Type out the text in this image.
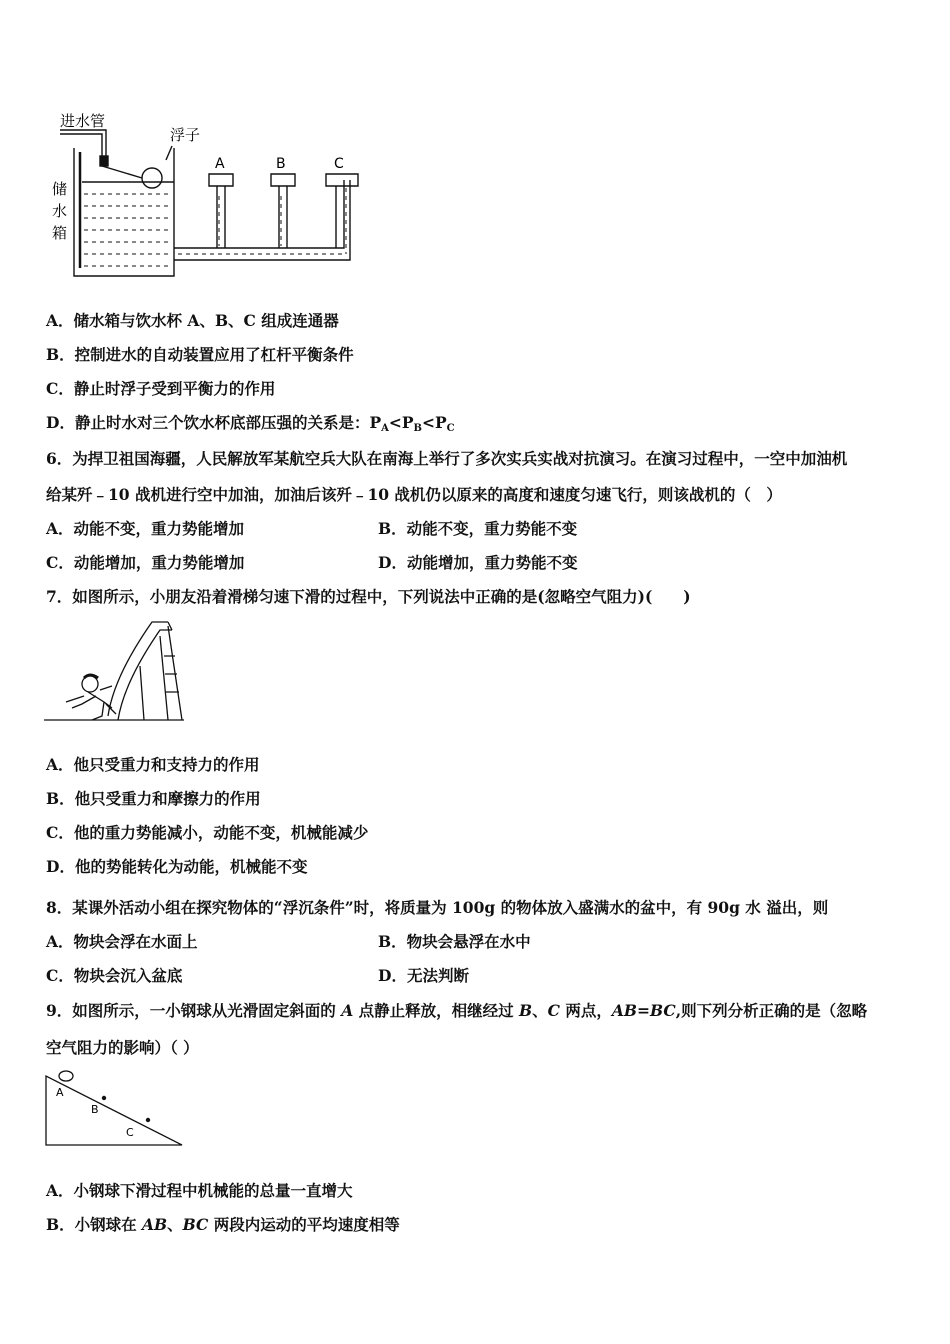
进水管
浮子
储
水
箱
A	B	C
A．储水箱与饮水杯 A、B、C 组成连通器
B．控制进水的自动装置应用了杠杆平衡条件
C．静止时浮子受到平衡力的作用
D．静止时水对三个饮水杯底部压强的关系是：$P_A<P_B<P_C$
6．为捍卫祖国海疆，人民解放军某航空兵大队在南海上举行了多次实兵实战对抗演习。在演习过程中，一空中加油机
给某歼﹣10 战机进行空中加油，加油后该歼﹣10 战机仍以原来的高度和速度匀速飞行，则该战机的（　）
A．动能不变，重力势能增加	B．动能不变，重力势能不变
C．动能增加，重力势能增加	D．动能增加，重力势能不变
7．如图所示，小朋友沿着滑梯匀速下滑的过程中，下列说法中正确的是(忽略空气阻力)(　　)
A．他只受重力和支持力的作用
B．他只受重力和摩擦力的作用
C．他的重力势能减小，动能不变，机械能减少
D．他的势能转化为动能，机械能不变
8．某课外活动小组在探究物体的“浮沉条件”时，将质量为 100g 的物体放入盛满水的盆中，有 90g 水 溢出，则
A．物块会浮在水面上	B．物块会悬浮在水中
C．物块会沉入盆底	D．无法判断
9．如图所示，一小钢球从光滑固定斜面的 A 点静止释放，相继经过 B、C 两点，AB=BC,则下列分析正确的是（忽略
空气阻力的影响）（ ）
A
B
C
A．小钢球下滑过程中机械能的总量一直增大
B．小钢球在 AB、BC 两段内运动的平均速度相等
